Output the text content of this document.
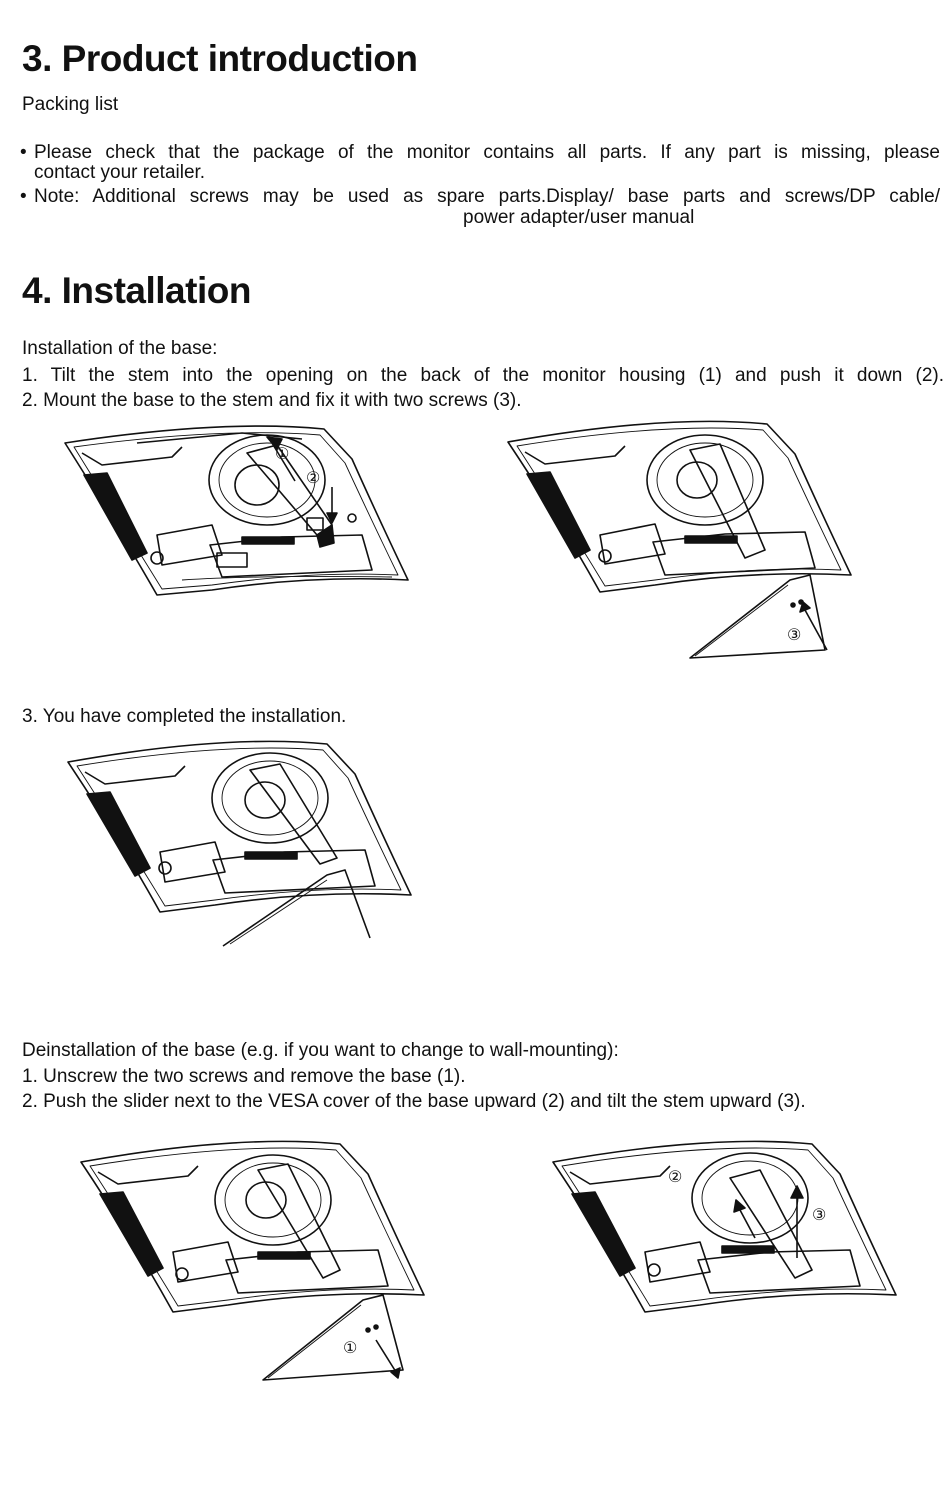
3. Product introduction

Packing list

• Please check that the package of the monitor contains all parts. If any part is missing, please

contact your retailer.

• Note: Additional screws may be used as spare parts.Display/ base parts and screws/DP cable/

power adapter/user manual

4. Installation

Installation of the base:

1. Tilt the stem into the opening on the back of the monitor housing (1) and push it down (2).

2. Mount the base to the stem and fix it with two screws (3).

①
②
③

3. You have completed the installation.

Deinstallation of the base (e.g. if you want to change to wall-mounting):

1. Unscrew the two screws and remove the base (1).

2. Push the slider next to the VESA cover of the base upward (2) and tilt the stem upward (3).

①
②
③
